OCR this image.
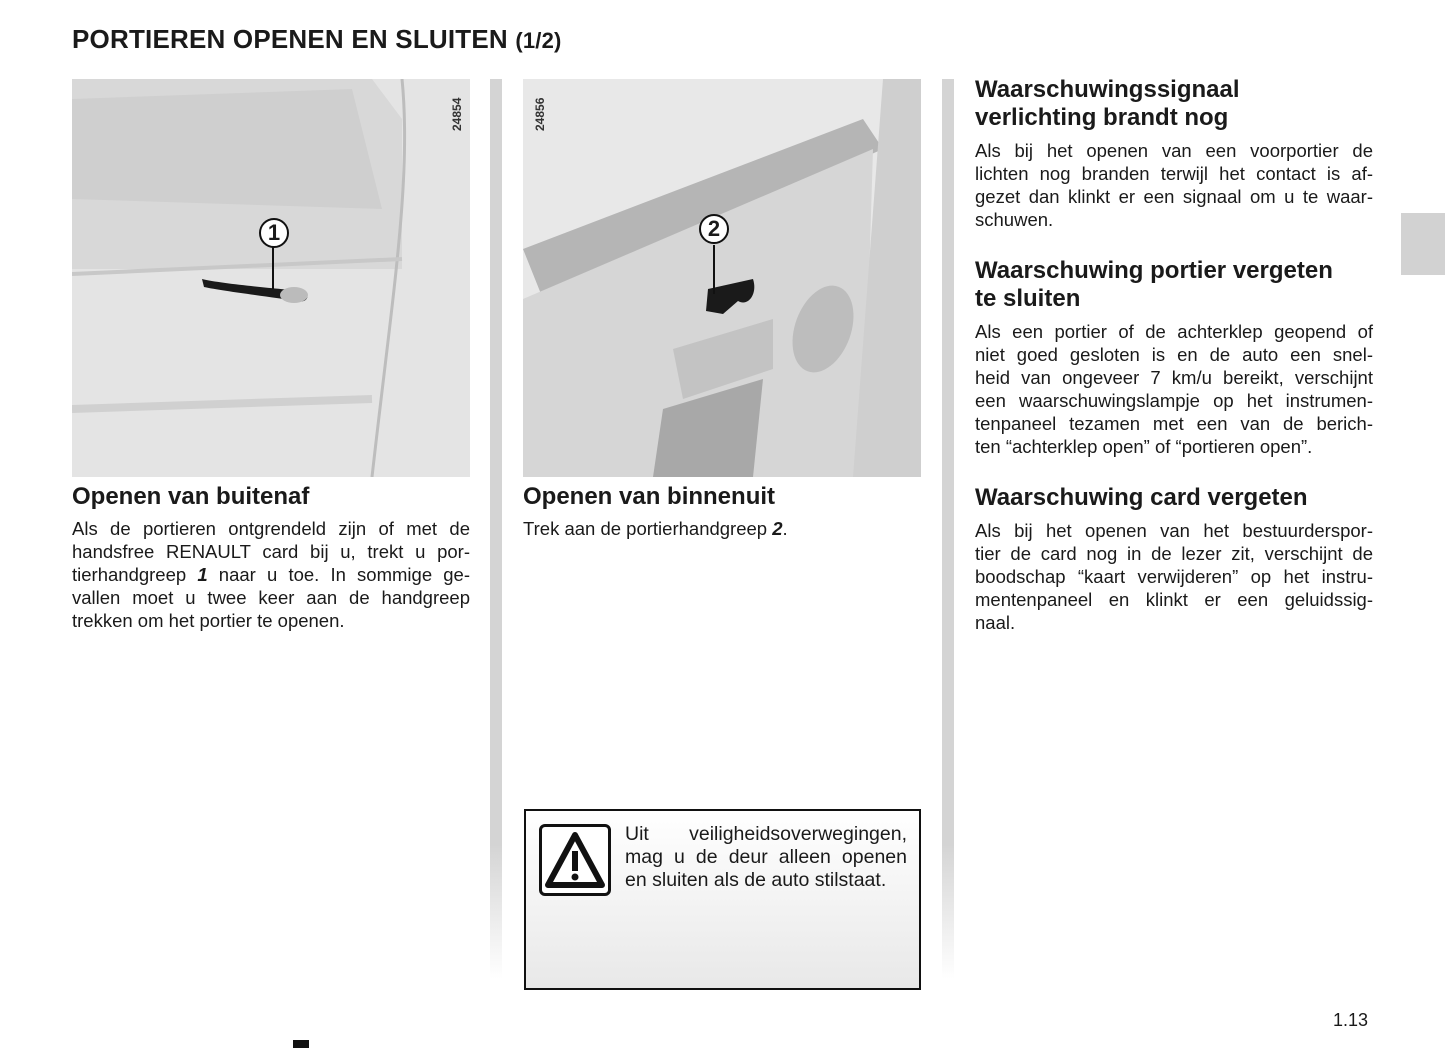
PORTIEREN OPENEN EN SLUITEN (1/2)
1
24854
Openen van buitenaf
Als de portieren ontgrendeld zijn of met de
handsfree RENAULT card bij u, trekt u por-
tierhandgreep 1 naar u toe. In sommige ge-
vallen moet u twee keer aan de handgreep
trekken om het portier te openen.
2
24856
Openen van binnenuit
Trek aan de portierhandgreep 2.
Uit veiligheidsoverwegingen,
mag u de deur alleen openen
en sluiten als de auto stilstaat.
Waarschuwingssignaal
verlichting brandt nog
Als bij het openen van een voorportier de
lichten nog branden terwijl het contact is af-
gezet dan klinkt er een signaal om u te waar-
schuwen.
Waarschuwing portier vergeten
te sluiten
Als een portier of de achterklep geopend of
niet goed gesloten is en de auto een snel-
heid van ongeveer 7 km/u bereikt, verschijnt
een waarschuwingslampje op het instrumen-
tenpaneel tezamen met een van de berich-
ten “achterklep open” of “portieren open”.
Waarschuwing card vergeten
Als bij het openen van het bestuurderspor-
tier de card nog in de lezer zit, verschijnt de
boodschap “kaart verwijderen” op het instru-
mentenpaneel en klinkt er een geluidssig-
naal.
1.13
